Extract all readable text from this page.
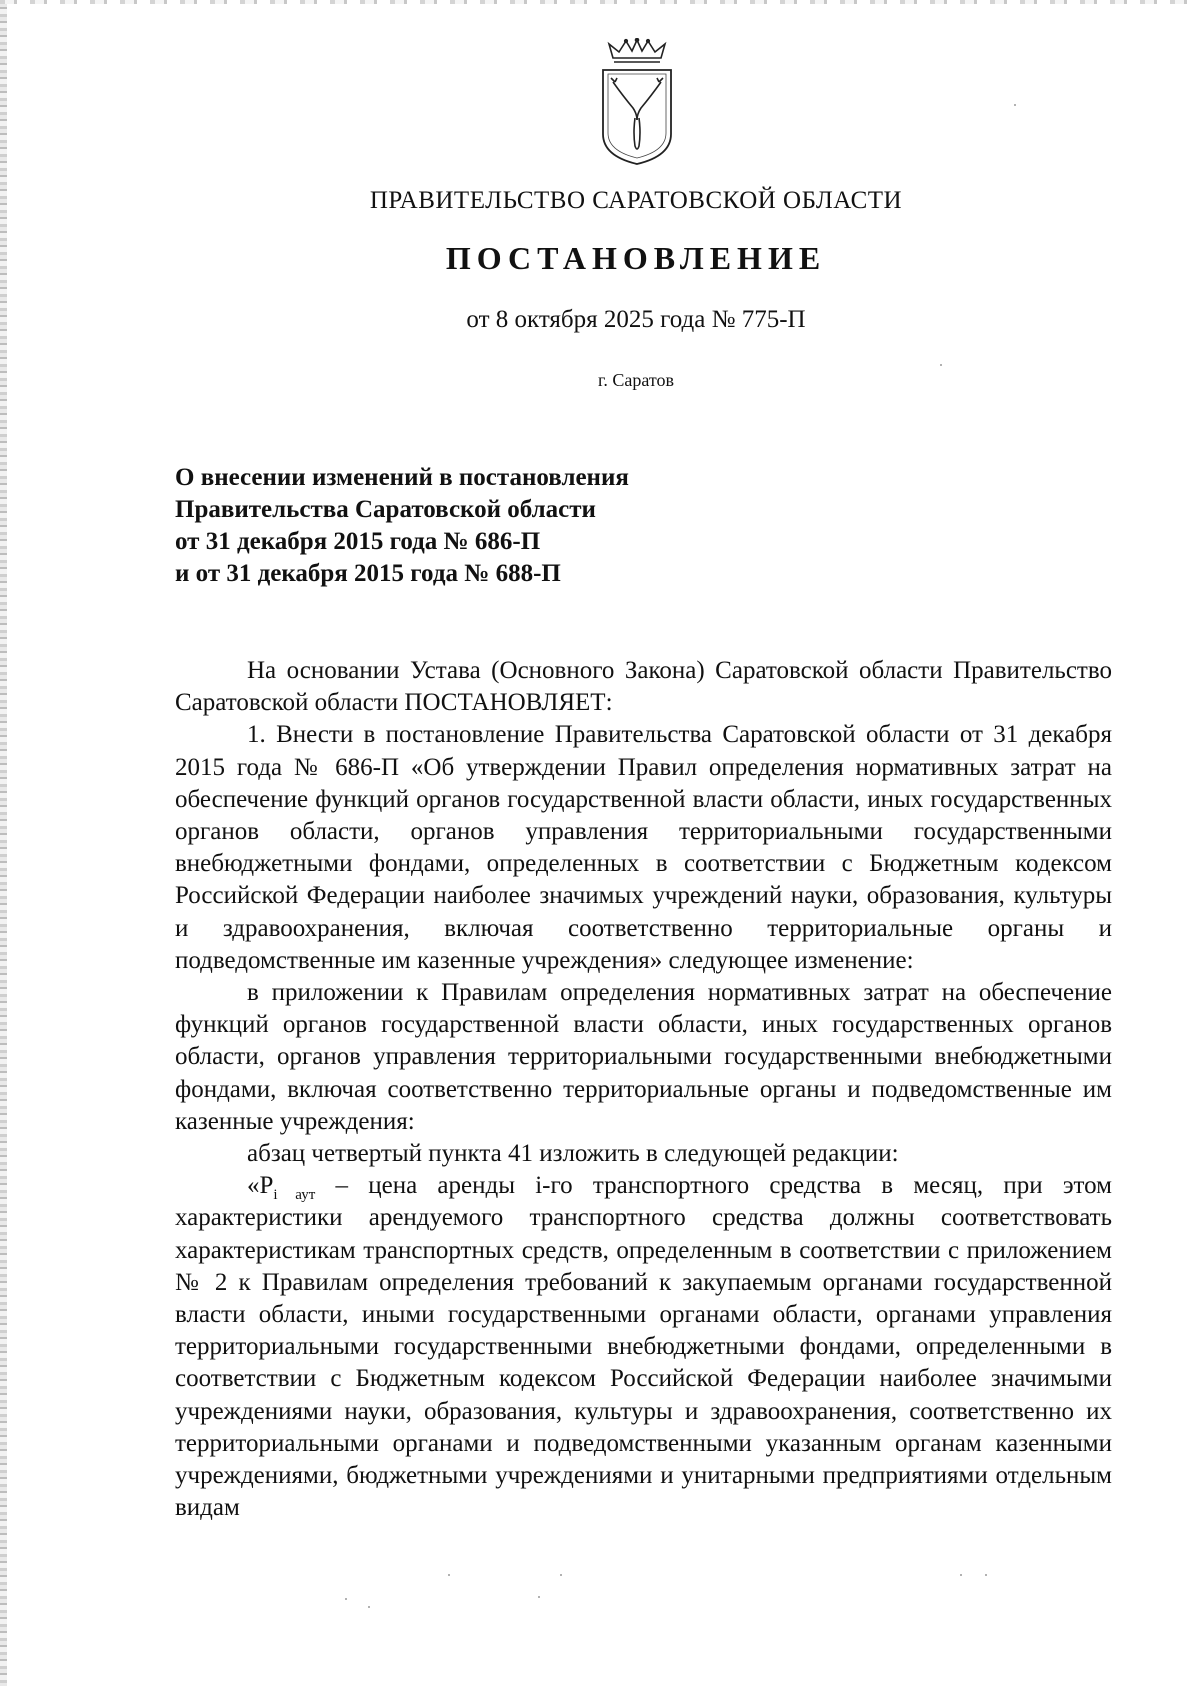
ПРАВИТЕЛЬСТВО САРАТОВСКОЙ ОБЛАСТИ

ПОСТАНОВЛЕНИЕ

от 8 октября 2025 года № 775-П

г. Саратов

О внесении изменений в постановления
Правительства Саратовской области
от 31 декабря 2015 года № 686-П
и от 31 декабря 2015 года № 688-П

На основании Устава (Основного Закона) Саратовской области Правительство Саратовской области ПОСТАНОВЛЯЕТ:

1. Внести в постановление Правительства Саратовской области от 31 декабря 2015 года № 686-П «Об утверждении Правил определения нормативных затрат на обеспечение функций органов государственной власти области, иных государственных органов области, органов управления территориальными государственными внебюджетными фондами, определенных в соответствии с Бюджетным кодексом Российской Федерации наиболее значимых учреждений науки, образования, культуры и здравоохранения, включая соответственно территориальные органы и подведомственные им казенные учреждения» следующее изменение:

в приложении к Правилам определения нормативных затрат на обеспечение функций органов государственной власти области, иных государственных органов области, органов управления территориальными государственными внебюджетными фондами, включая соответственно территориальные органы и подведомственные им казенные учреждения:

абзац четвертый пункта 41 изложить в следующей редакции:

«$P_{i аут}$ – цена аренды i-го транспортного средства в месяц, при этом характеристики арендуемого транспортного средства должны соответствовать характеристикам транспортных средств, определенным в соответствии с приложением № 2 к Правилам определения требований к закупаемым органами государственной власти области, иными государственными органами области, органами управления территориальными государственными внебюджетными фондами, определенными в соответствии с Бюджетным кодексом Российской Федерации наиболее значимыми учреждениями науки, образования, культуры и здравоохранения, соответственно их территориальными органами и подведомственными указанным органам казенными учреждениями, бюджетными учреждениями и унитарными предприятиями отдельным видам
